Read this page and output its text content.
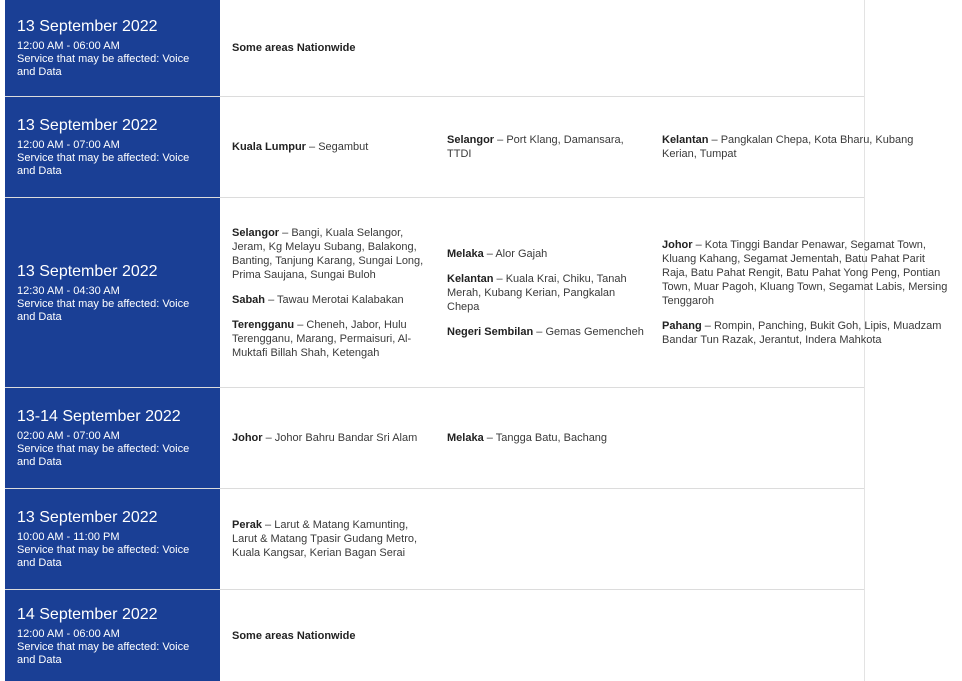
13 September 2022
12:00 AM - 06:00 AM
Service that may be affected: Voice and Data
Some areas Nationwide
13 September 2022
12:00 AM - 07:00 AM
Service that may be affected: Voice and Data

Kuala Lumpur – Segambut

Selangor – Port Klang, Damansara, TTDI

Kelantan – Pangkalan Chepa, Kota Bharu, Kubang Kerian, Tumpat

13 September 2022
12:30 AM - 04:30 AM
Service that may be affected: Voice and Data

Selangor – Bangi, Kuala Selangor, Jeram, Kg Melayu Subang, Balakong, Banting, Tanjung Karang, Sungai Long, Prima Saujana, Sungai Buloh

Sabah – Tawau Merotai Kalabakan

Terengganu – Cheneh, Jabor, Hulu Terengganu, Marang, Permaisuri, Al-Muktafi Billah Shah, Ketengah

Melaka – Alor Gajah

Kelantan – Kuala Krai, Chiku, Tanah Merah, Kubang Kerian, Pangkalan Chepa

Negeri Sembilan – Gemas Gemencheh

Johor – Kota Tinggi Bandar Penawar, Segamat Town, Kluang Kahang, Segamat Jementah, Batu Pahat Parit Raja, Batu Pahat Rengit, Batu Pahat Yong Peng, Pontian Town, Muar Pagoh, Kluang Town, Segamat Labis, Mersing Tenggaroh

Pahang – Rompin, Panching, Bukit Goh, Lipis, Muadzam Bandar Tun Razak, Jerantut, Indera Mahkota

13-14 September 2022
02:00 AM - 07:00 AM
Service that may be affected: Voice and Data

Johor – Johor Bahru Bandar Sri Alam	Melaka – Tangga Batu, Bachang

13 September 2022
10:00 AM - 11:00 PM
Service that may be affected: Voice and Data

Perak – Larut & Matang Kamunting, Larut & Matang Tpasir Gudang Metro, Kuala Kangsar, Kerian Bagan Serai

14 September 2022
12:00 AM - 06:00 AM
Service that may be affected: Voice and Data
Some areas Nationwide
